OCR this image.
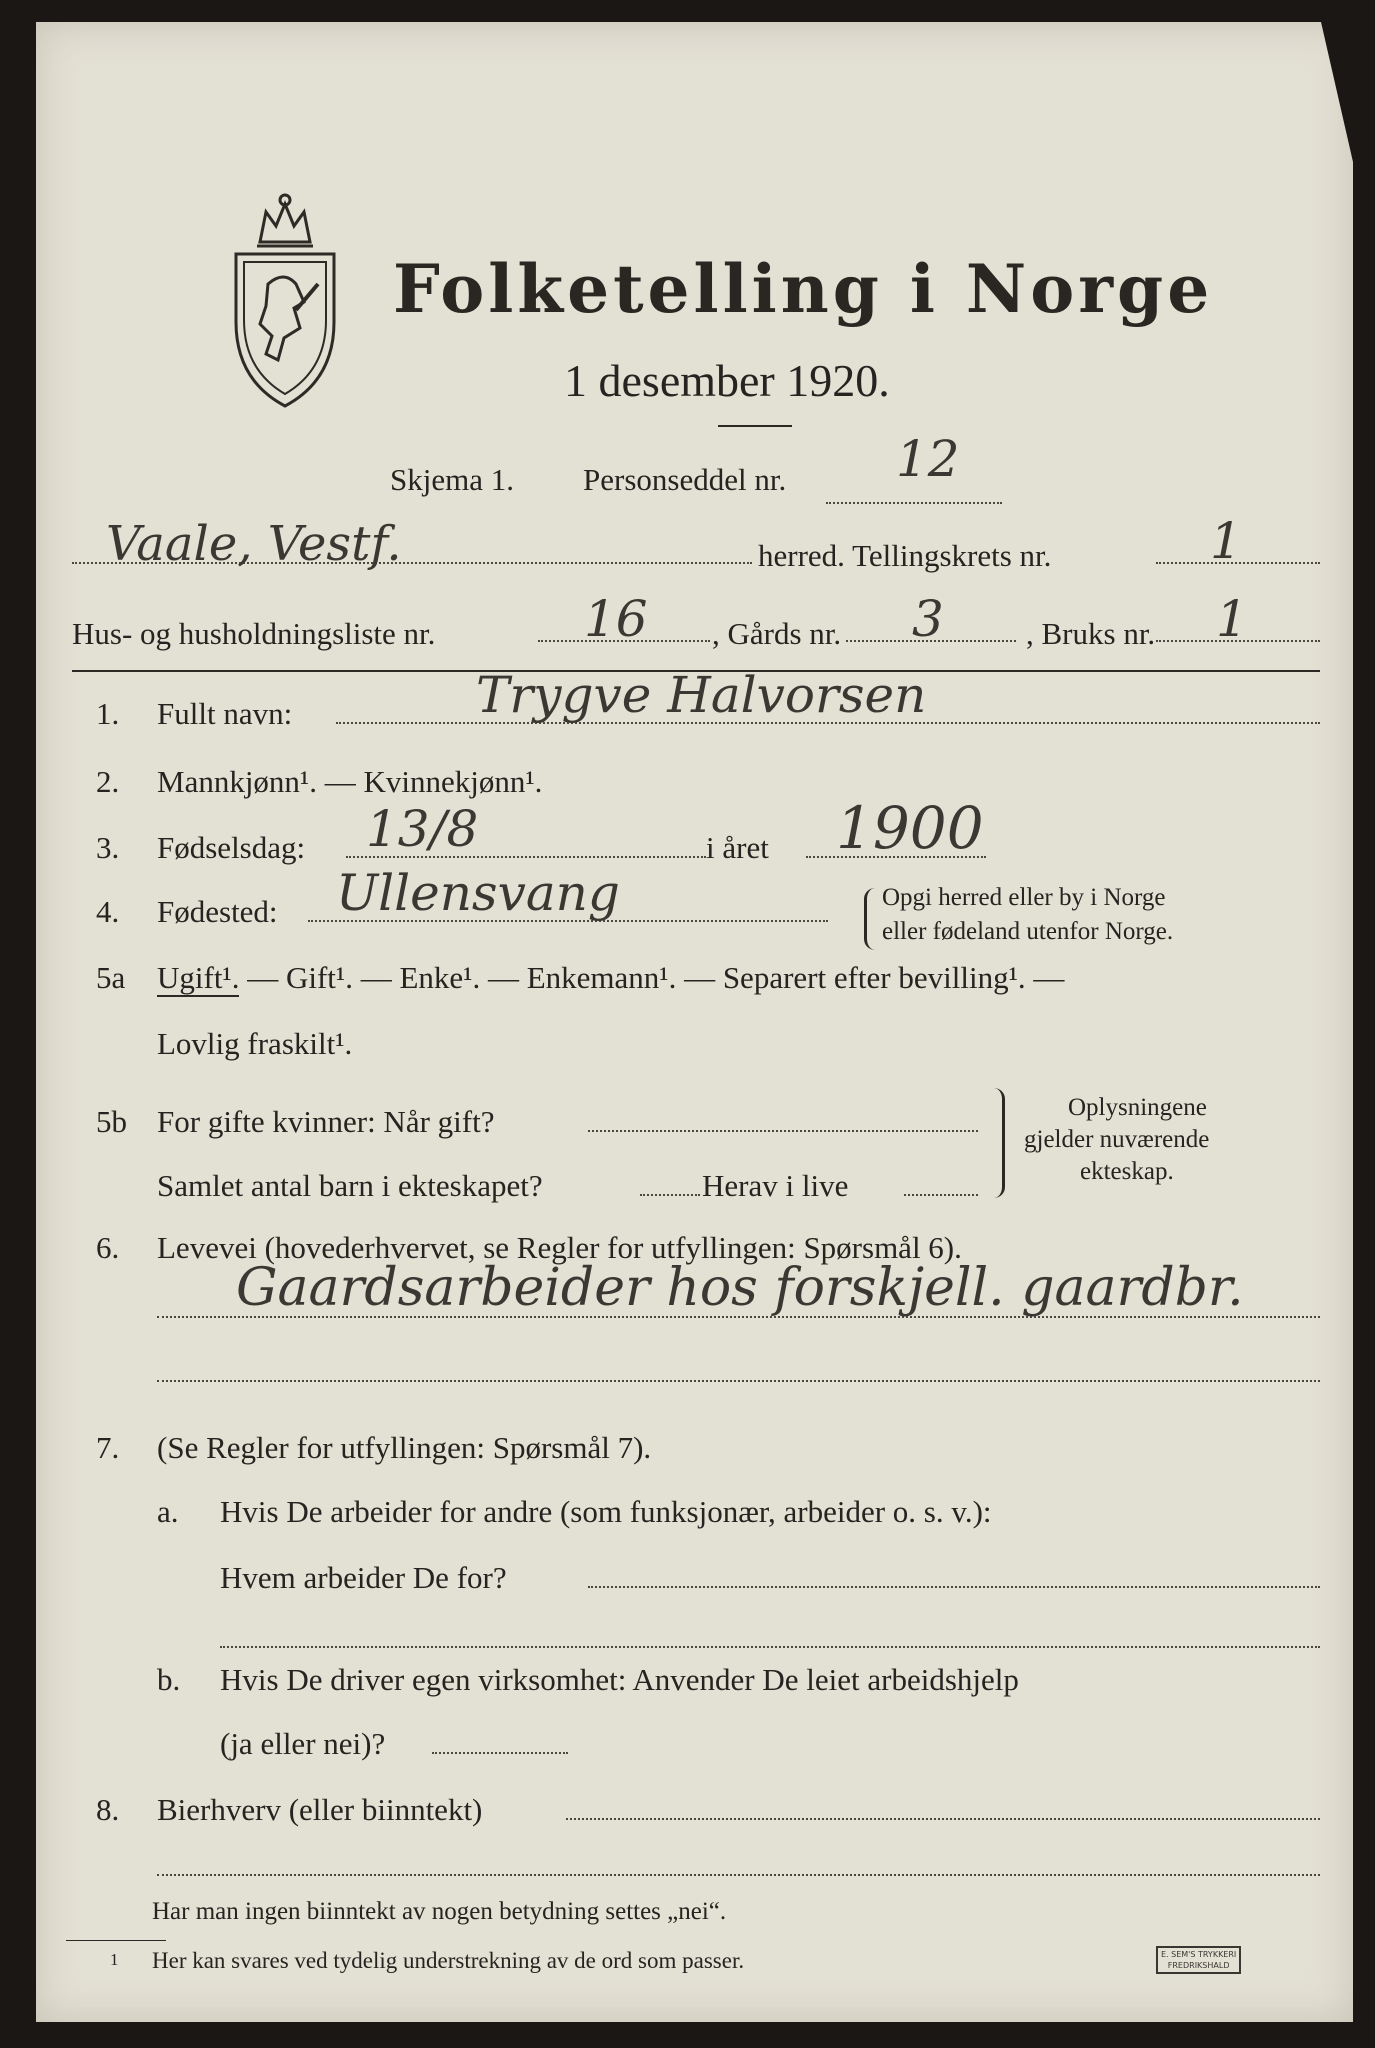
Folketelling i Norge
1 desember 1920.
Skjema 1. Personseddel nr. 12
Vaale, Vestf.	herred. Tellingskrets nr.	1
Hus- og husholdningsliste nr.	16 , Gårds nr. 3	, Bruks nr. 1
1. Fullt navn:	Trygve Halvorsen
2. Mannkjønn¹. — Kvinnekjønn¹.
3. Fødselsdag: 13/8	i året 1900
4. Fødested: Ullensvang	Opgi herred eller by i Norge
eller fødeland utenfor Norge.
5a Ugift¹. — Gift¹. — Enke¹. — Enkemann¹. — Separert efter bevilling¹. —
Lovlig fraskilt¹.
5b For gifte kvinner: Når gift?
Samlet antal barn i ekteskapet?	Herav i live
Oplysningene
gjelder nuværende
ekteskap.
6. Levevei (hovederhvervet, se Regler for utfyllingen: Spørsmål 6).
Gaardsarbeider hos forskjell. gaardbr.
7. (Se Regler for utfyllingen: Spørsmål 7).
a. Hvis De arbeider for andre (som funksjonær, arbeider o. s. v.):
Hvem arbeider De for?
b. Hvis De driver egen virksomhet: Anvender De leiet arbeidshjelp
(ja eller nei)?
8. Bierhverv (eller biinntekt)
Har man ingen biinntekt av nogen betydning settes „nei“.
1 Her kan svares ved tydelig understrekning av de ord som passer.	E. SEM'S TRYKKERI
FREDRIKSHALD
